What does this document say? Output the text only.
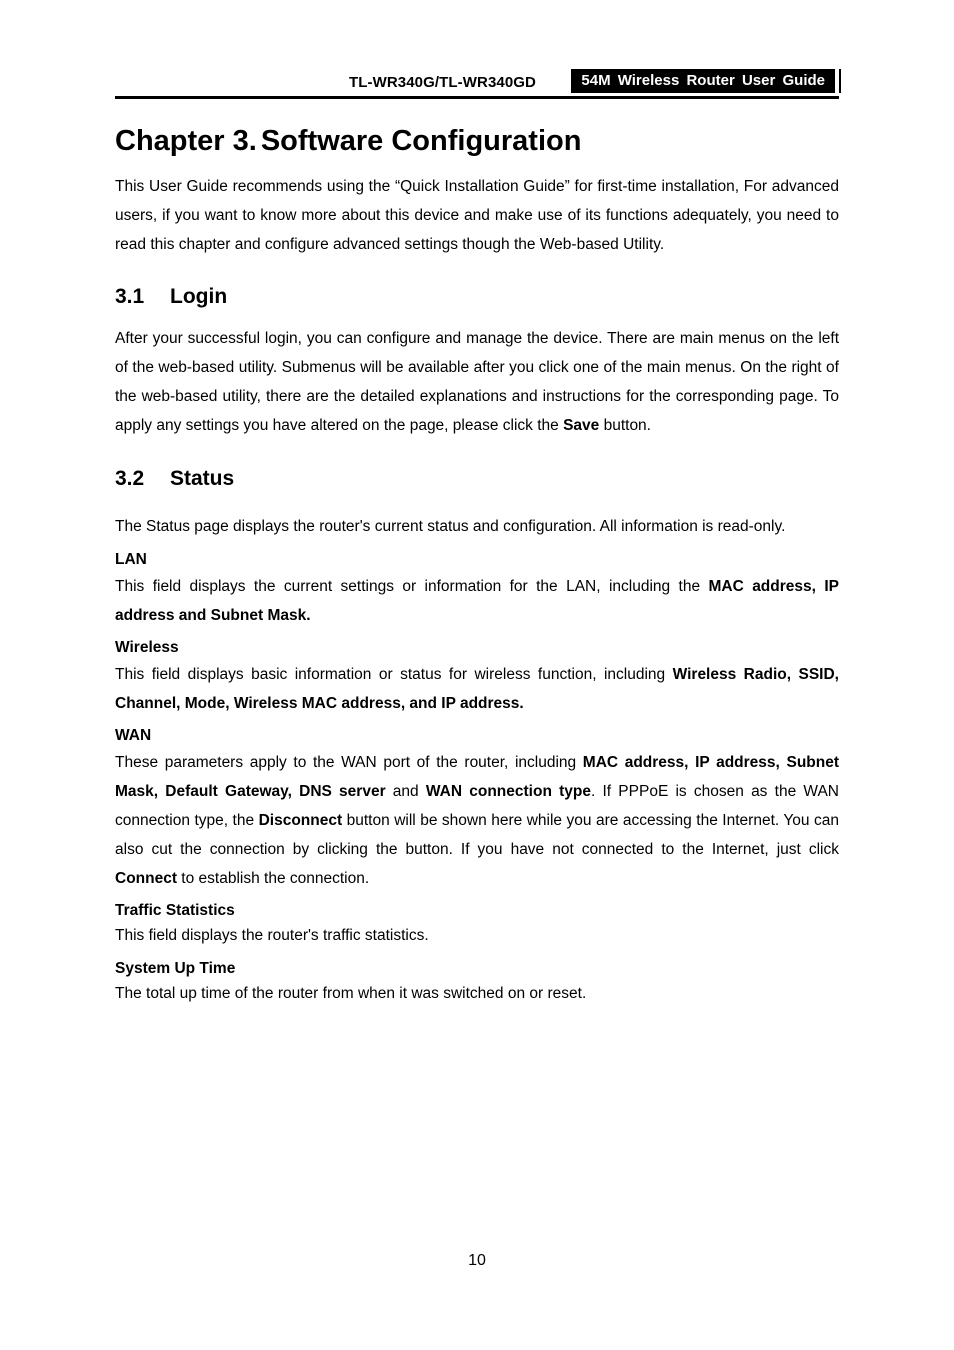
TL-WR340G/TL-WR340GD	54M Wireless Router User Guide
Chapter 3. Software Configuration

This User Guide recommends using the “Quick Installation Guide” for first-time installation, For advanced users, if you want to know more about this device and make use of its functions adequately, you need to read this chapter and configure advanced settings though the Web-based Utility.

3.1 Login

After your successful login, you can configure and manage the device. There are main menus on the left of the web-based utility. Submenus will be available after you click one of the main menus. On the right of the web-based utility, there are the detailed explanations and instructions for the corresponding page. To apply any settings you have altered on the page, please click the Save button.

3.2 Status

The Status page displays the router's current status and configuration. All information is read-only.

LAN

This field displays the current settings or information for the LAN, including the MAC address, IP address and Subnet Mask.

Wireless

This field displays basic information or status for wireless function, including Wireless Radio, SSID, Channel, Mode, Wireless MAC address, and IP address.

WAN

These parameters apply to the WAN port of the router, including MAC address, IP address, Subnet Mask, Default Gateway, DNS server and WAN connection type. If PPPoE is chosen as the WAN connection type, the Disconnect button will be shown here while you are accessing the Internet. You can also cut the connection by clicking the button. If you have not connected to the Internet, just click Connect to establish the connection.

Traffic Statistics

This field displays the router's traffic statistics.

System Up Time

The total up time of the router from when it was switched on or reset.

10
